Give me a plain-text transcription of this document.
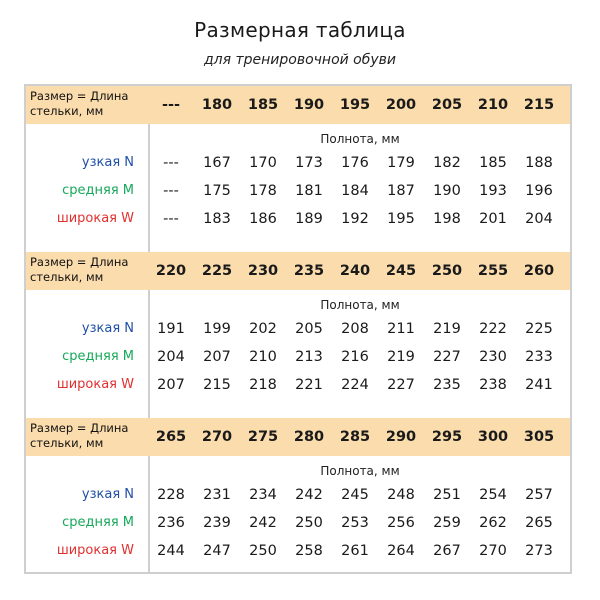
Размерная таблица
для тренировочной обуви
Размер = Длина стельки, мм	---	180	185	190	195	200	205	210	215
Полнота, мм
узкая N	---	167	170	173	176	179	182	185	188
средняя М	---	175	178	181	184	187	190	193	196
широкая W	---	183	186	189	192	195	198	201	204
Размер = Длина стельки, мм	220	225	230	235	240	245	250	255	260
Полнота, мм
узкая N	191	199	202	205	208	211	219	222	225
средняя М	204	207	210	213	216	219	227	230	233
широкая W	207	215	218	221	224	227	235	238	241
Размер = Длина стельки, мм	265	270	275	280	285	290	295	300	305
Полнота, мм
узкая N	228	231	234	242	245	248	251	254	257
средняя М	236	239	242	250	253	256	259	262	265
широкая W	244	247	250	258	261	264	267	270	273
